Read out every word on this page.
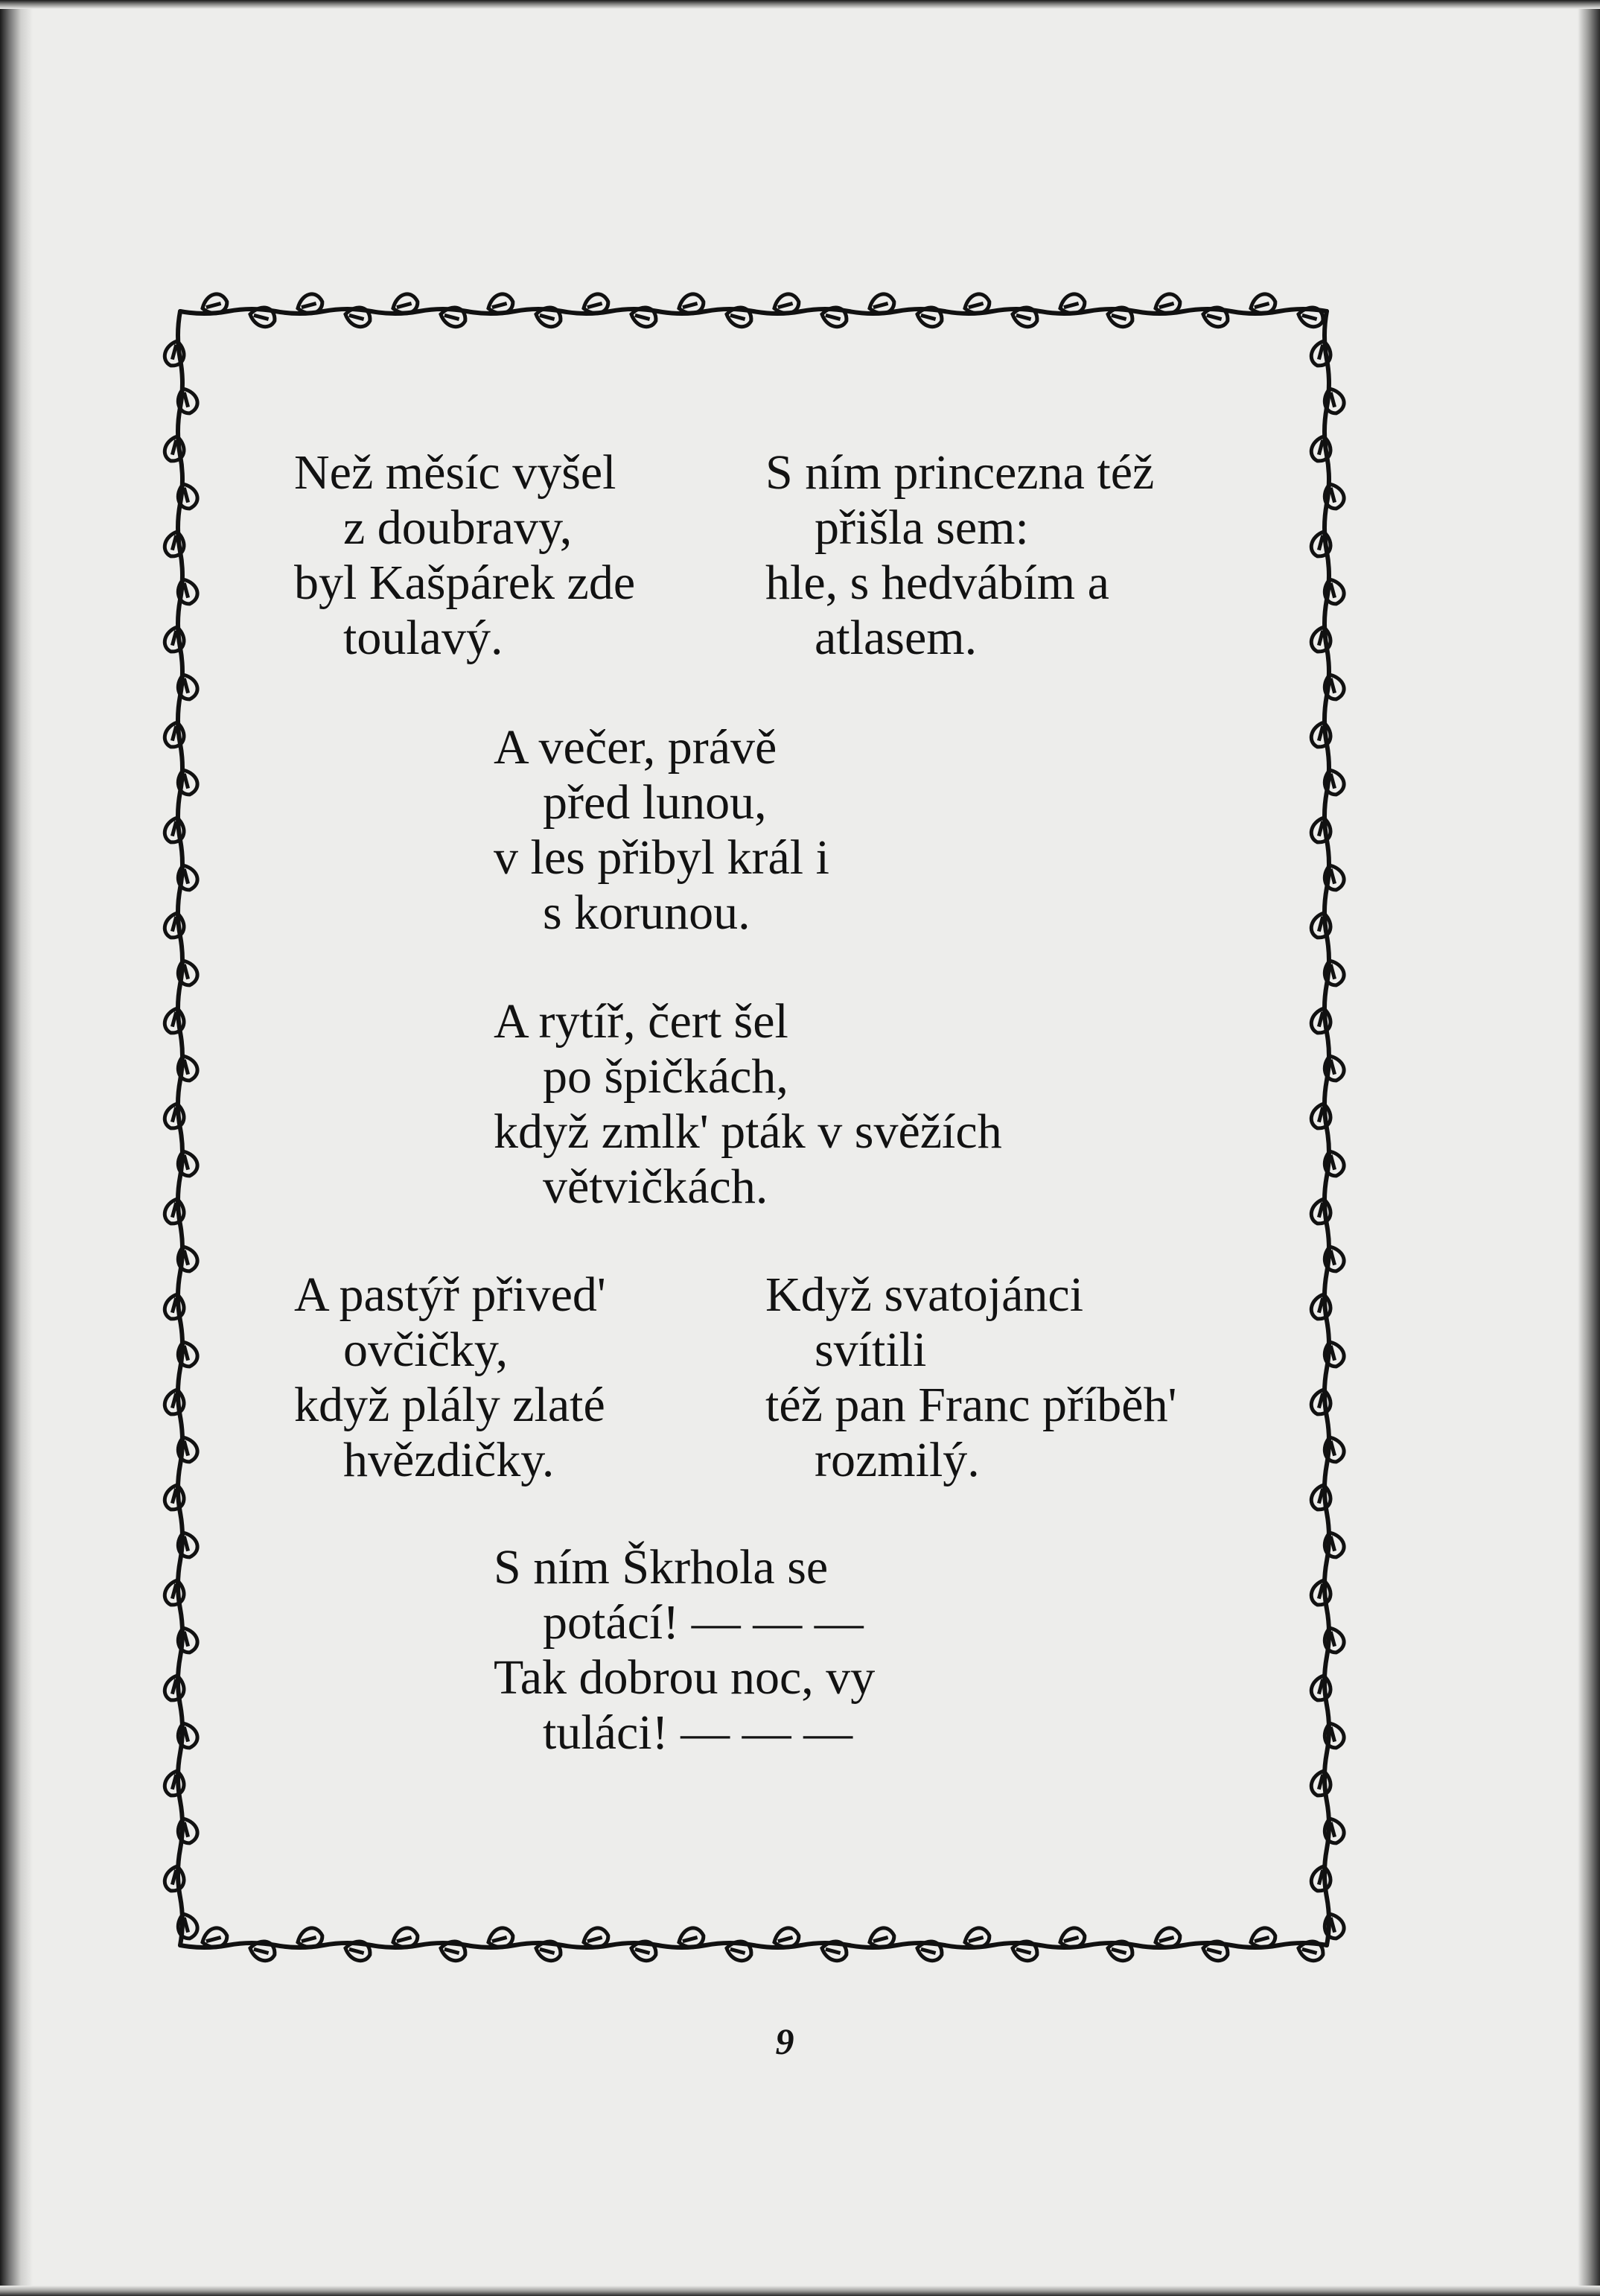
Než měsíc vyšel
z doubravy,
byl Kašpárek zde
toulavý.
S ním princezna též
přišla sem:
hle, s hedvábím a
atlasem.
A večer, právě
před lunou,
v les přibyl král i
s korunou.
A rytíř, čert šel
po špičkách,
když zmlk' pták v svěžích
větvičkách.
A pastýř přived'
ovčičky,
když plály zlaté
hvězdičky.
Když svatojánci
svítili
též pan Franc příběh'
rozmilý.
S ním Škrhola se
potácí! — — —
Tak dobrou noc, vy
tuláci! — — —
9
